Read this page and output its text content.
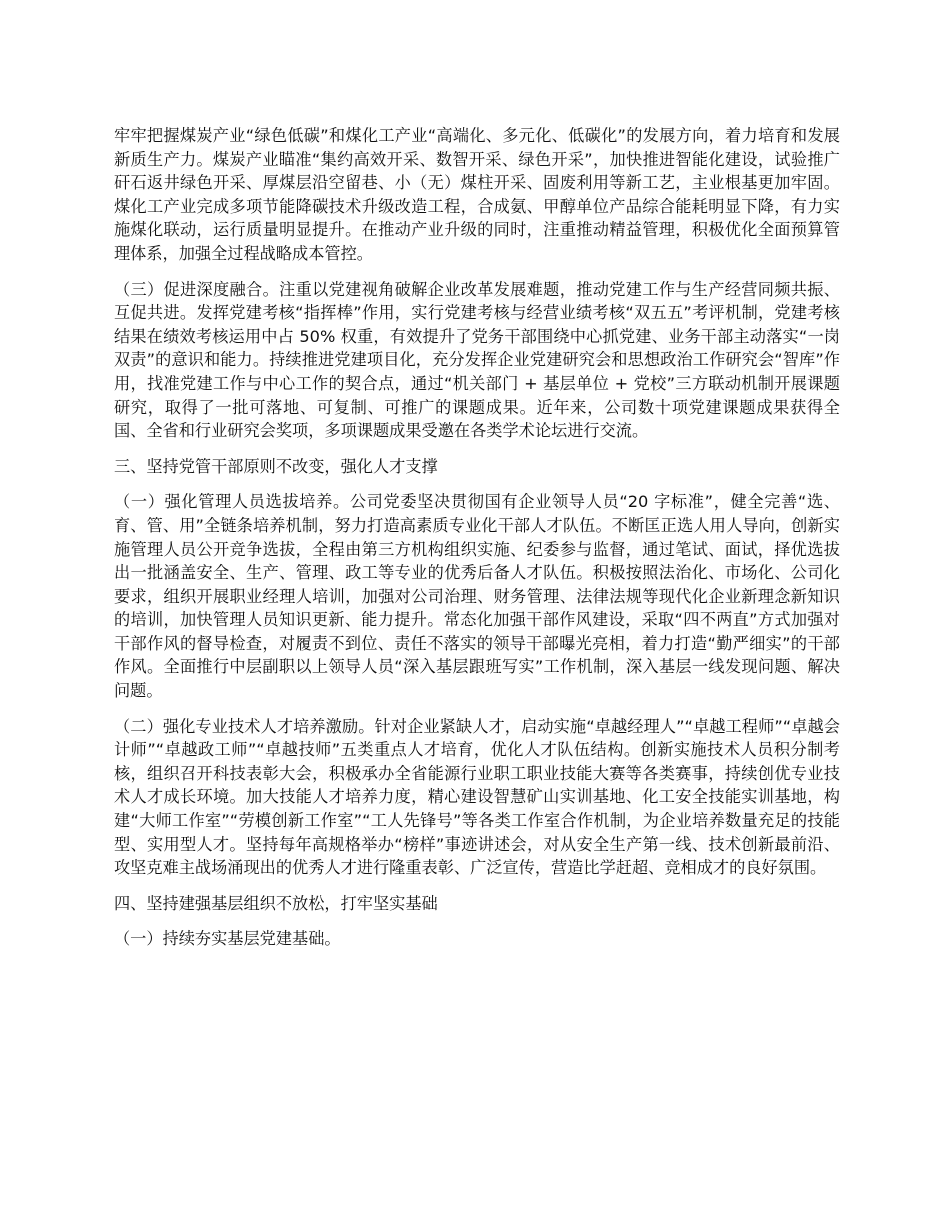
牢牢把握煤炭产业“绿色低碳”和煤化工产业“高端化、多元化、低碳化”的发展方向，着力培育和发展新质生产力。煤炭产业瞄准“集约高效开采、数智开采、绿色开采”，加快推进智能化建设，试验推广矸石返井绿色开采、厚煤层沿空留巷、小（无）煤柱开采、固废利用等新工艺，主业根基更加牢固。煤化工产业完成多项节能降碳技术升级改造工程，合成氨、甲醇单位产品综合能耗明显下降，有力实施煤化联动，运行质量明显提升。在推动产业升级的同时，注重推动精益管理，积极优化全面预算管理体系，加强全过程战略成本管控。

（三）促进深度融合。注重以党建视角破解企业改革发展难题，推动党建工作与生产经营同频共振、互促共进。发挥党建考核“指挥棒”作用，实行党建考核与经营业绩考核“双五五”考评机制，党建考核结果在绩效考核运用中占 50% 权重，有效提升了党务干部围绕中心抓党建、业务干部主动落实“一岗双责”的意识和能力。持续推进党建项目化，充分发挥企业党建研究会和思想政治工作研究会“智库”作用，找准党建工作与中心工作的契合点，通过“机关部门 + 基层单位 + 党校”三方联动机制开展课题研究，取得了一批可落地、可复制、可推广的课题成果。近年来，公司数十项党建课题成果获得全国、全省和行业研究会奖项，多项课题成果受邀在各类学术论坛进行交流。

三、坚持党管干部原则不改变，强化人才支撑

（一）强化管理人员选拔培养。公司党委坚决贯彻国有企业领导人员“20 字标准”，健全完善“选、育、管、用”全链条培养机制，努力打造高素质专业化干部人才队伍。不断匡正选人用人导向，创新实施管理人员公开竞争选拔，全程由第三方机构组织实施、纪委参与监督，通过笔试、面试，择优选拔出一批涵盖安全、生产、管理、政工等专业的优秀后备人才队伍。积极按照法治化、市场化、公司化要求，组织开展职业经理人培训，加强对公司治理、财务管理、法律法规等现代化企业新理念新知识的培训，加快管理人员知识更新、能力提升。常态化加强干部作风建设，采取“四不两直”方式加强对干部作风的督导检查，对履责不到位、责任不落实的领导干部曝光亮相，着力打造“勤严细实”的干部作风。全面推行中层副职以上领导人员“深入基层跟班写实”工作机制，深入基层一线发现问题、解决问题。

（二）强化专业技术人才培养激励。针对企业紧缺人才，启动实施“卓越经理人”“卓越工程师”“卓越会计师”“卓越政工师”“卓越技师”五类重点人才培育，优化人才队伍结构。创新实施技术人员积分制考核，组织召开科技表彰大会，积极承办全省能源行业职工职业技能大赛等各类赛事，持续创优专业技术人才成长环境。加大技能人才培养力度，精心建设智慧矿山实训基地、化工安全技能实训基地，构建“大师工作室”“劳模创新工作室”“工人先锋号”等各类工作室合作机制，为企业培养数量充足的技能型、实用型人才。坚持每年高规格举办“榜样”事迹讲述会，对从安全生产第一线、技术创新最前沿、攻坚克难主战场涌现出的优秀人才进行隆重表彰、广泛宣传，营造比学赶超、竞相成才的良好氛围。

四、坚持建强基层组织不放松，打牢坚实基础

（一）持续夯实基层党建基础。
